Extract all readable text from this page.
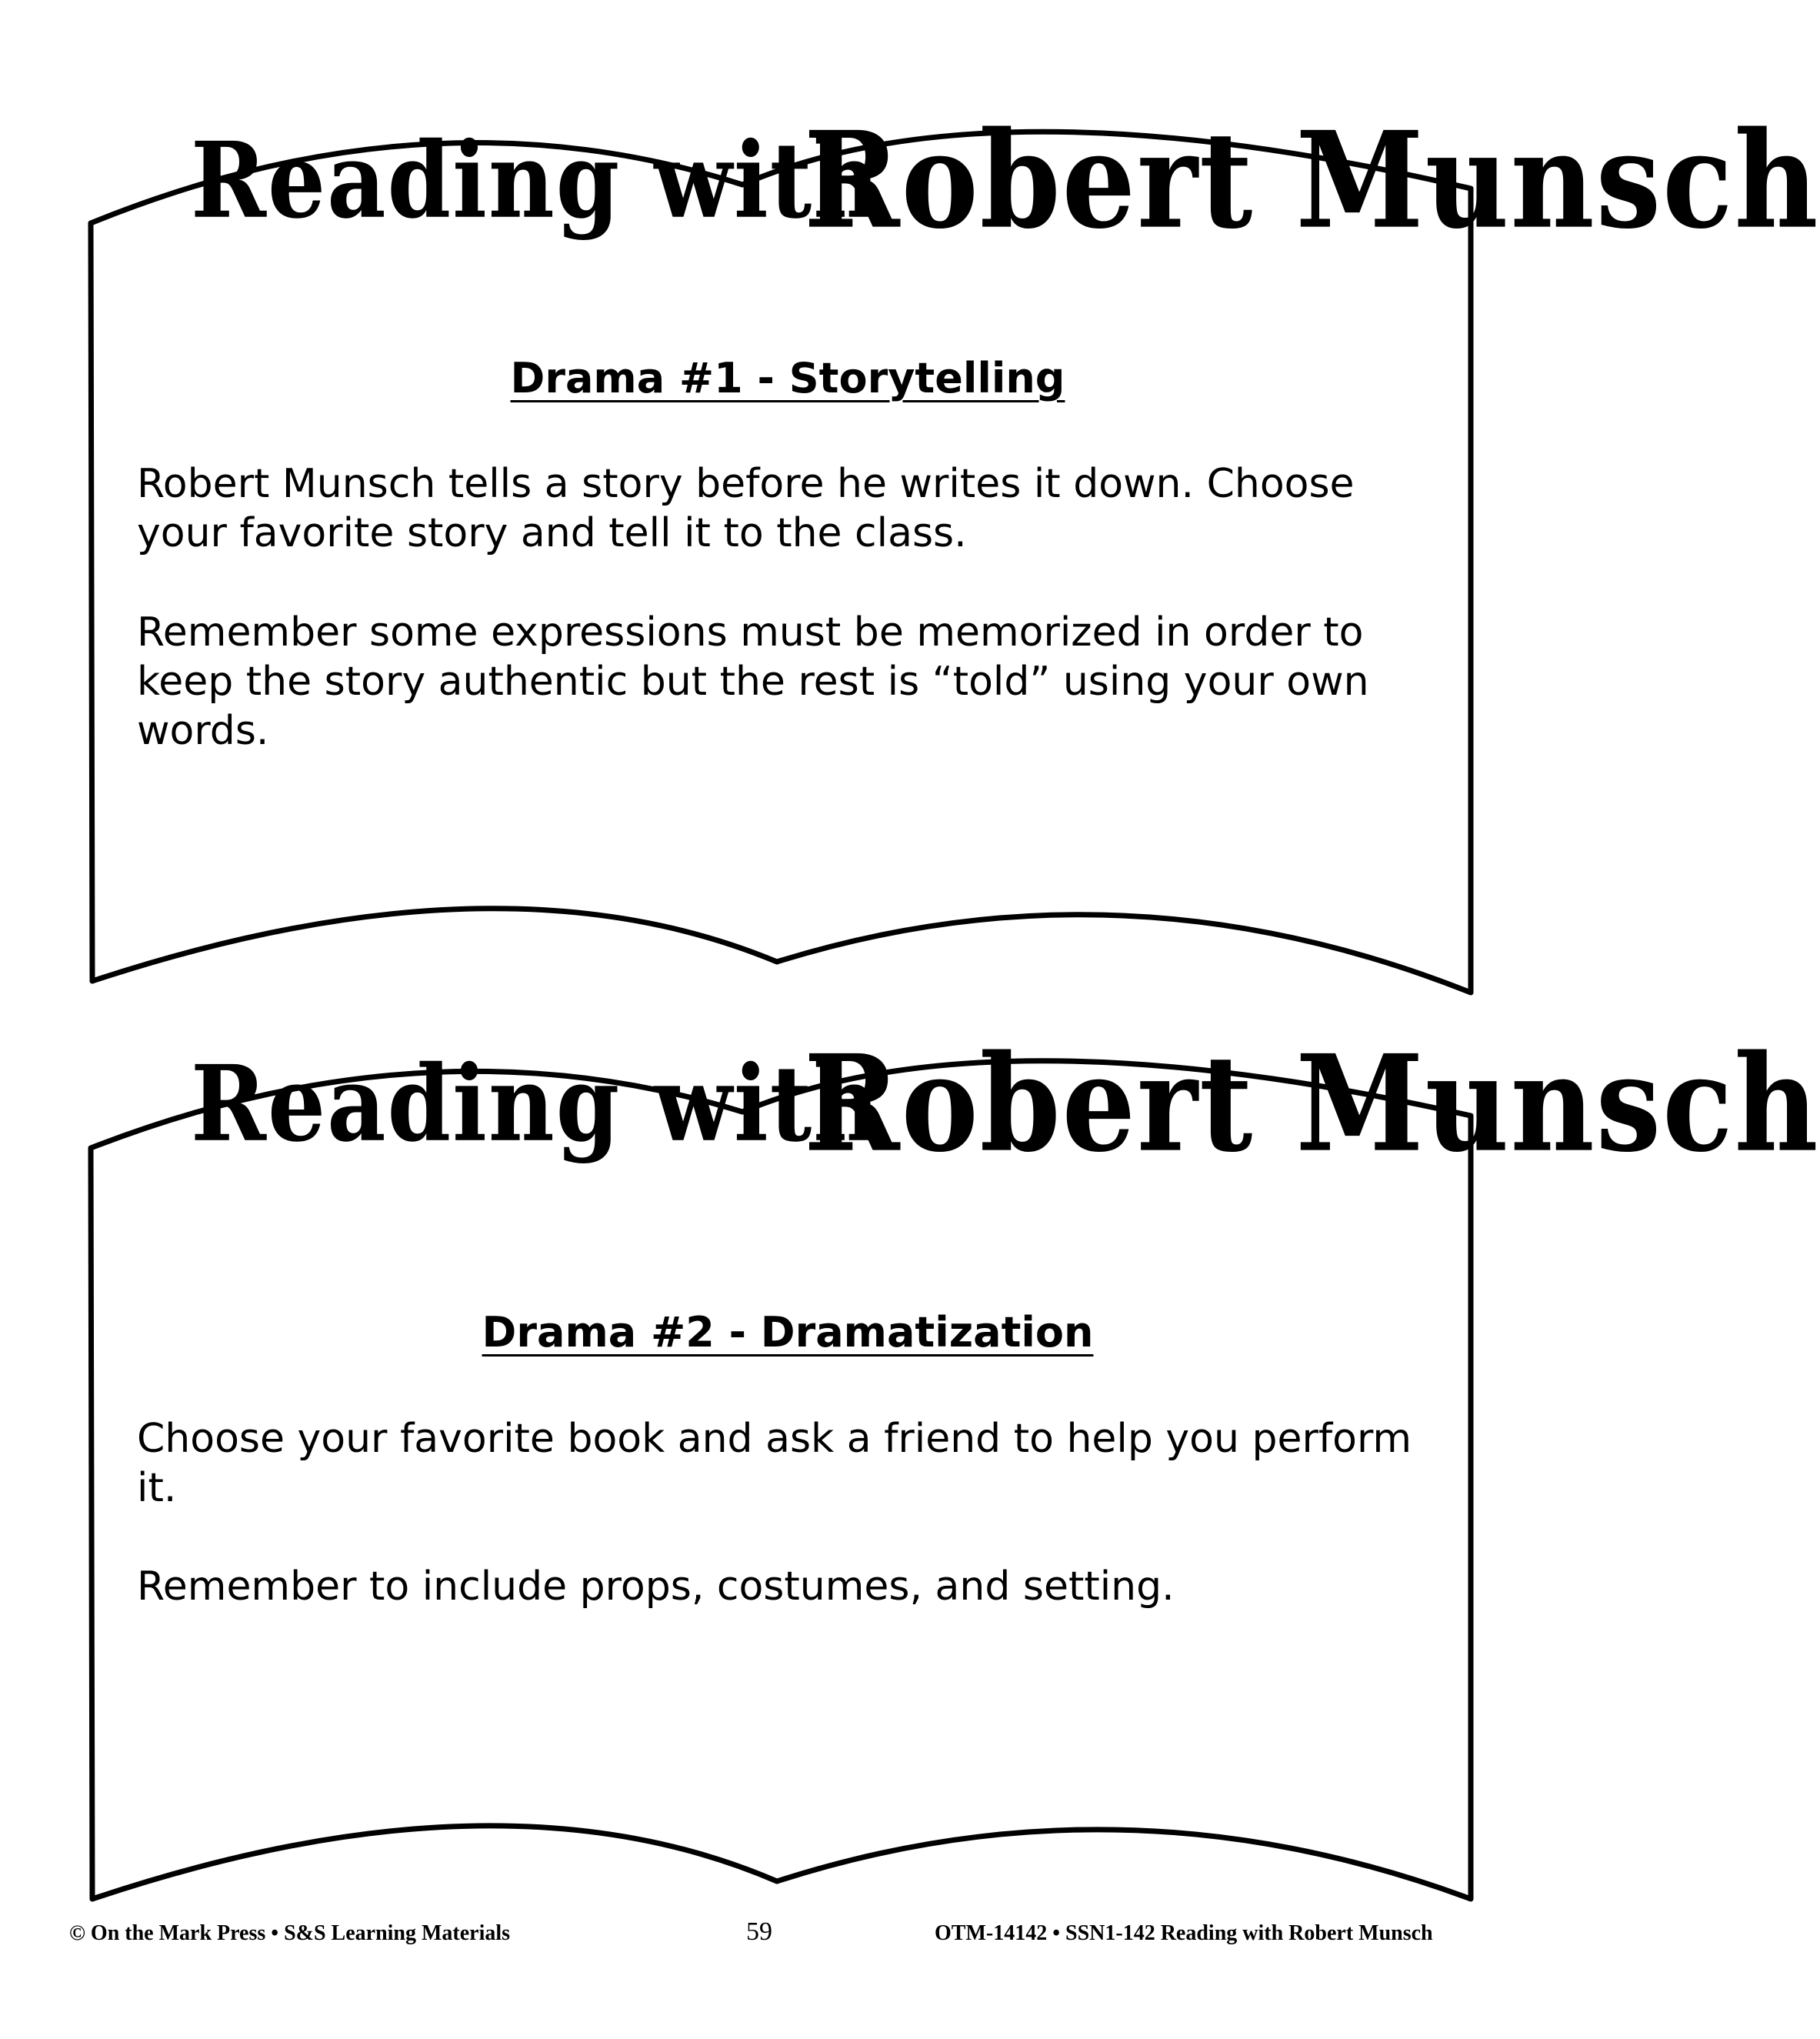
Reading with
Robert Munsch
Drama #1 - Storytelling

Robert Munsch tells a story before he writes it down. Choose your favorite story and tell it to the class.

Remember some expressions must be memorized in order to keep the story authentic but the rest is “told” using your own words.

Reading with
Robert Munsch
Drama #2 - Dramatization

Choose your favorite book and ask a friend to help you perform it.

Remember to include props, costumes, and setting.

© On the Mark Press • S&S Learning Materials	59	OTM-14142 • SSN1-142 Reading with Robert Munsch
